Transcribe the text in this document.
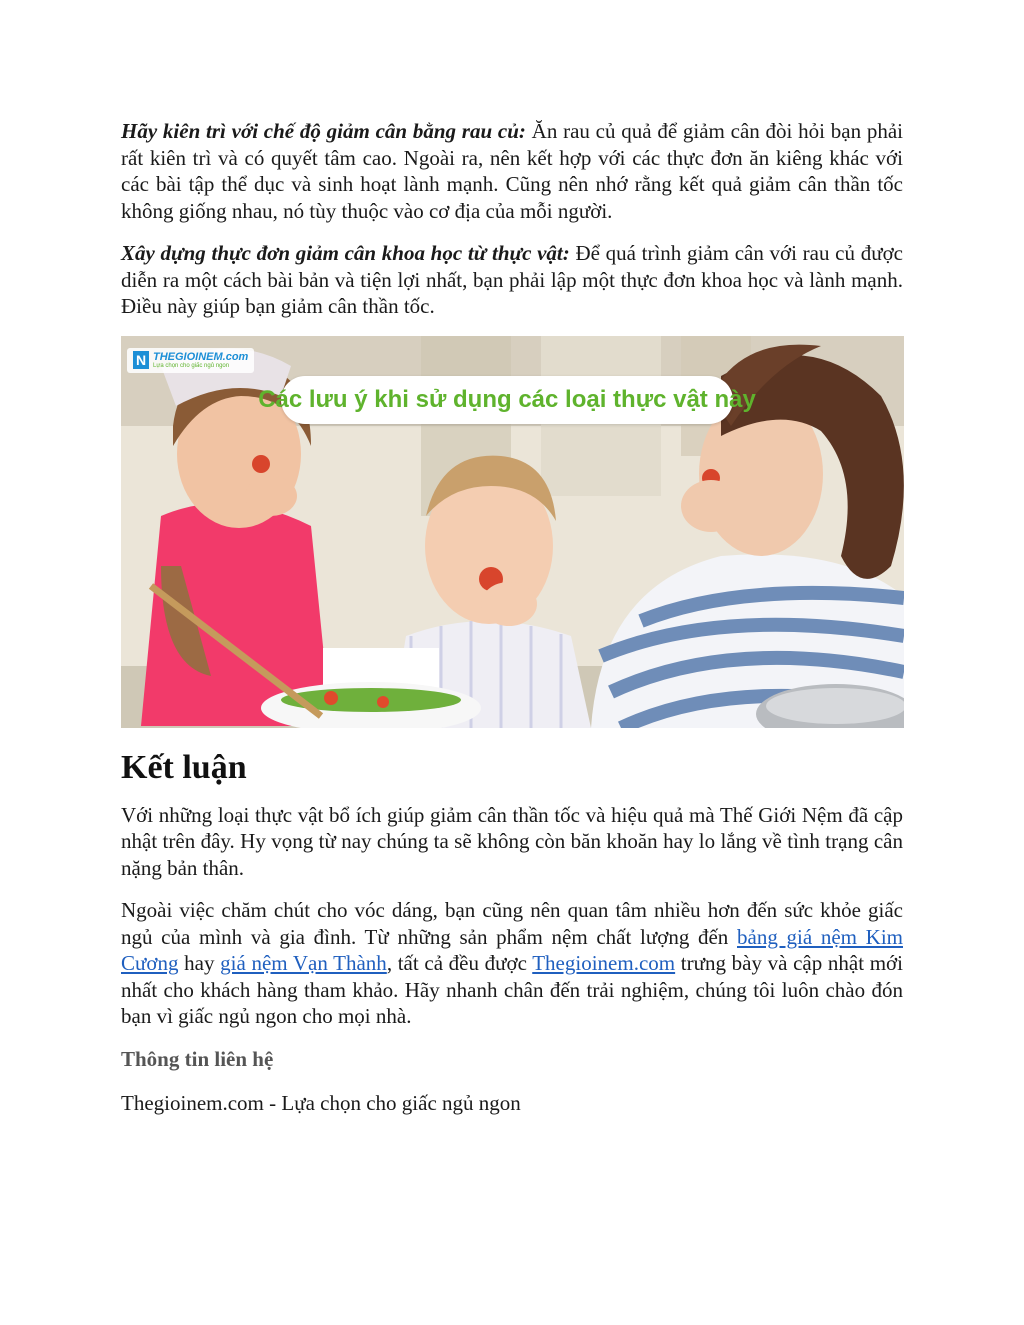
Hãy kiên trì với chế độ giảm cân bằng rau củ: Ăn rau củ quả để giảm cân đòi hỏi bạn phải rất kiên trì và có quyết tâm cao. Ngoài ra, nên kết hợp với các thực đơn ăn kiêng khác với các bài tập thể dục và sinh hoạt lành mạnh. Cũng nên nhớ rằng kết quả giảm cân thần tốc không giống nhau, nó tùy thuộc vào cơ địa của mỗi người.

Xây dựng thực đơn giảm cân khoa học từ thực vật: Để quá trình giảm cân với rau củ được diễn ra một cách bài bản và tiện lợi nhất, bạn phải lập một thực đơn khoa học và lành mạnh. Điều này giúp bạn giảm cân thần tốc.

N THEGIOINEM.com
Lựa chọn cho giấc ngủ ngon
Các lưu ý khi sử dụng các loại thực vật này
Kết luận

Với những loại thực vật bổ ích giúp giảm cân thần tốc và hiệu quả mà Thế Giới Nệm đã cập nhật trên đây. Hy vọng từ nay chúng ta sẽ không còn băn khoăn hay lo lắng về tình trạng cân nặng bản thân.

Ngoài việc chăm chút cho vóc dáng, bạn cũng nên quan tâm nhiều hơn đến sức khỏe giấc ngủ của mình và gia đình. Từ những sản phẩm nệm chất lượng đến bảng giá nệm Kim Cương hay giá nệm Vạn Thành, tất cả đều được Thegioinem.com trưng bày và cập nhật mới nhất cho khách hàng tham khảo. Hãy nhanh chân đến trải nghiệm, chúng tôi luôn chào đón bạn vì giấc ngủ ngon cho mọi nhà.

Thông tin liên hệ

Thegioinem.com - Lựa chọn cho giấc ngủ ngon
